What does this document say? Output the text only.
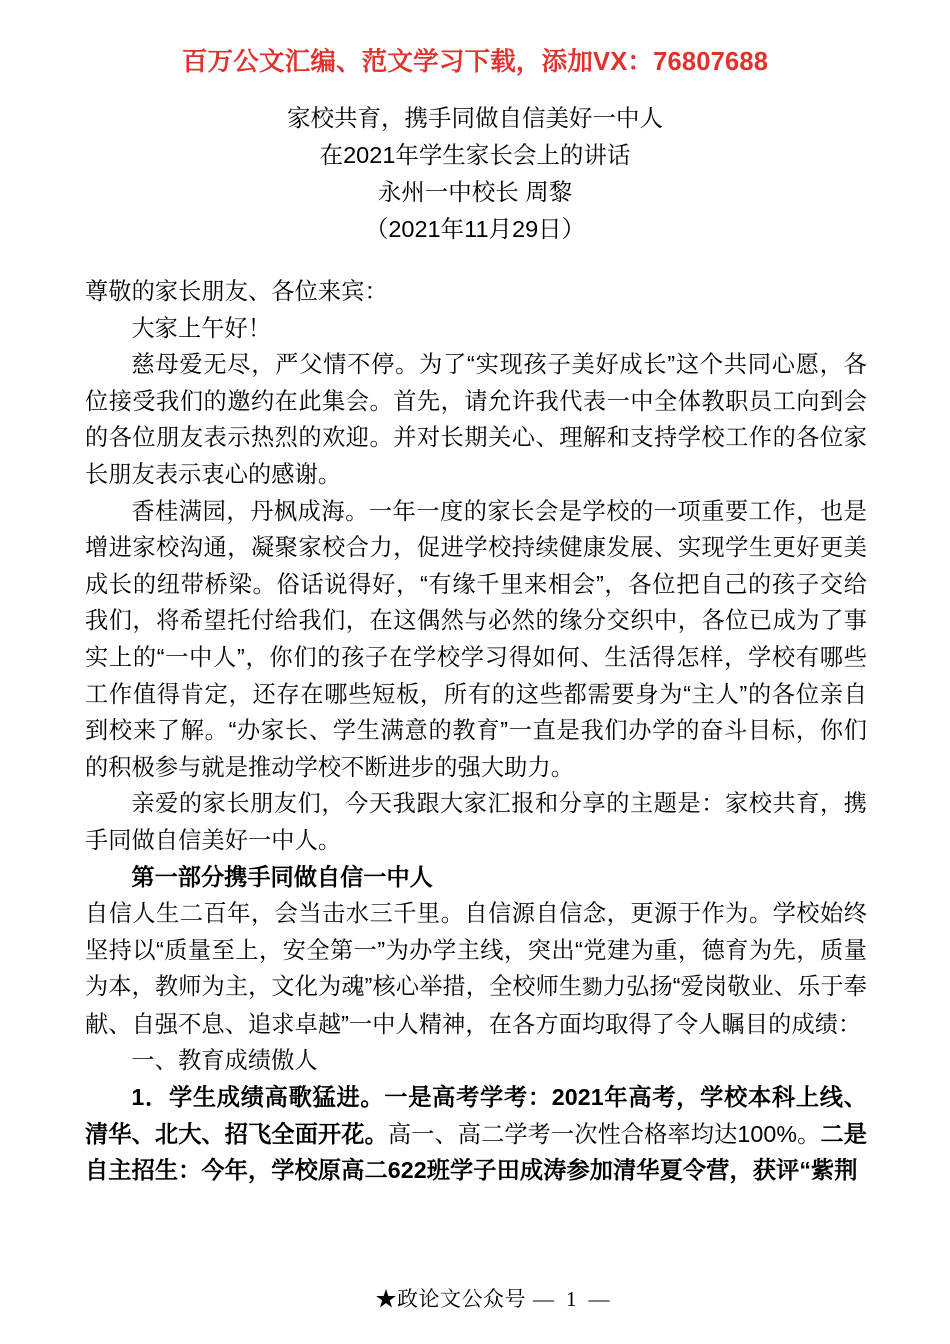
百万公文汇编、范文学习下载，添加VX：76807688
家校共育，携手同做自信美好一中人
在2021年学生家长会上的讲话
永州一中校长 周黎
（2021年11月29日）

尊敬的家长朋友、各位来宾：

大家上午好！

慈母爱无尽，严父情不停。为了“实现孩子美好成长”这个共同心愿，各位接受我们的邀约在此集会。首先，请允许我代表一中全体教职员工向到会的各位朋友表示热烈的欢迎。并对长期关心、理解和支持学校工作的各位家长朋友表示衷心的感谢。

香桂满园，丹枫成海。一年一度的家长会是学校的一项重要工作，也是增进家校沟通，凝聚家校合力，促进学校持续健康发展、实现学生更好更美成长的纽带桥梁。俗话说得好，“有缘千里来相会”，各位把自己的孩子交给我们，将希望托付给我们，在这偶然与必然的缘分交织中，各位已成为了事实上的“一中人”，你们的孩子在学校学习得如何、生活得怎样，学校有哪些工作值得肯定，还存在哪些短板，所有的这些都需要身为“主人”的各位亲自到校来了解。“办家长、学生满意的教育”一直是我们办学的奋斗目标，你们的积极参与就是推动学校不断进步的强大助力。

亲爱的家长朋友们，今天我跟大家汇报和分享的主题是：家校共育，携手同做自信美好一中人。

第一部分携手同做自信一中人

自信人生二百年，会当击水三千里。自信源自信念，更源于作为。学校始终坚持以“质量至上，安全第一”为办学主线，突出“党建为重，德育为先，质量为本，教师为主，文化为魂”核心举措，全校师生勠力弘扬“爱岗敬业、乐于奉献、自强不息、追求卓越”一中人精神，在各方面均取得了令人瞩目的成绩：

一、教育成绩傲人

1．学生成绩高歌猛进。一是高考学考：2021年高考，学校本科上线、清华、北大、招飞全面开花。高一、高二学考一次性合格率均达100%。二是自主招生：今年，学校原高二622班学子田成涛参加清华夏令营，获评“紫荆

★政论文公众号 — 1 —
